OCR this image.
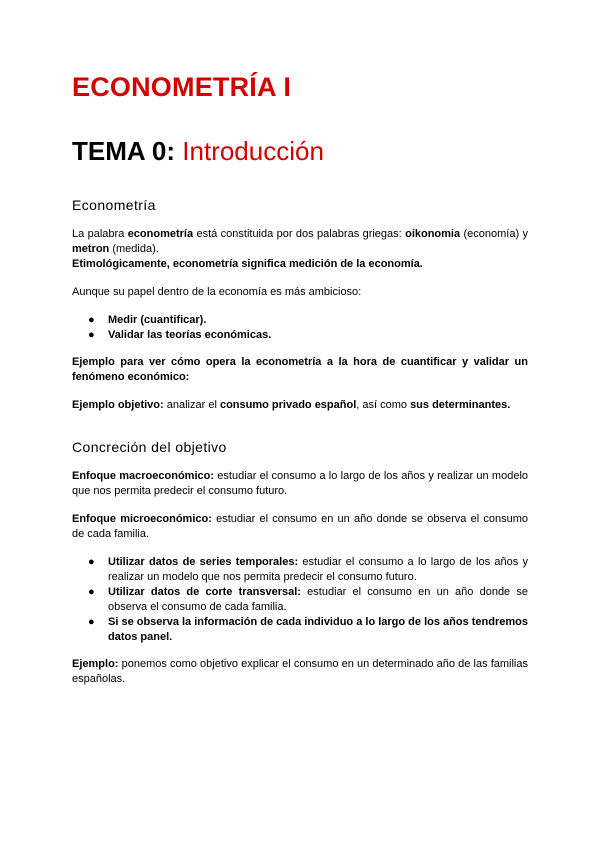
ECONOMETRÍA I
TEMA 0: Introducción
Econometría

La palabra econometría está constituida por dos palabras griegas: oikonomia (economía) y metron (medida).

Etimológicamente, econometría significa medición de la economía.

Aunque su papel dentro de la economía es más ambicioso:

● Medir (cuantificar).
● Validar las teorías económicas.

Ejemplo para ver cómo opera la econometría a la hora de cuantificar y validar un fenómeno económico:

Ejemplo objetivo: analizar el consumo privado español, así como sus determinantes.

Concreción del objetivo

Enfoque macroeconómico: estudiar el consumo a lo largo de los años y realizar un modelo que nos permita predecir el consumo futuro.

Enfoque microeconómico: estudiar el consumo en un año donde se observa el consumo de cada familia.

● Utilizar datos de series temporales: estudiar el consumo a lo largo de los años y realizar un modelo que nos permita predecir el consumo futuro.
● Utilizar datos de corte transversal: estudiar el consumo en un año donde se observa el consumo de cada familia.
● Si se observa la información de cada individuo a lo largo de los años tendremos datos panel.

Ejemplo: ponemos como objetivo explicar el consumo en un determinado año de las familias españolas.
